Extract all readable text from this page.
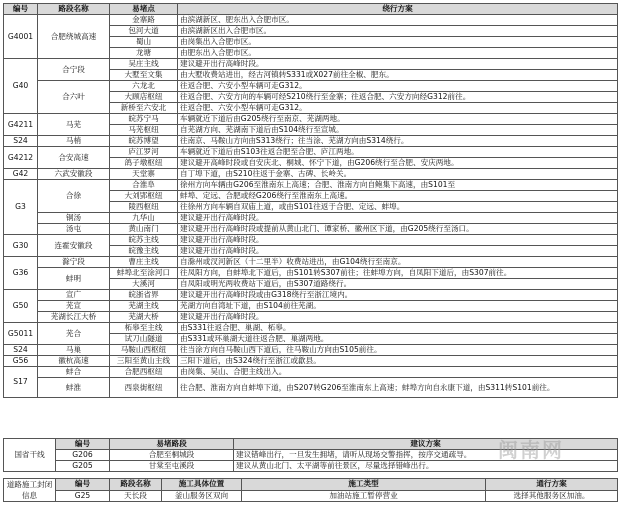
编号	路段名称	易堵点	绕行方案
G4001	合肥绕城高速	金寨路	由滨湖新区、肥东出入合肥市区。
		包河大道	由滨湖新区出入合肥市区。
		蜀山	由岗集出入合肥市区。
		龙塘	由肥东出入合肥市区。
G40	合宁段	吴庄主线	建议避开出行高峰时段。
		大墅至文集	由大墅收费站进出，经古河镇转S331或X027前往全椒、肥东。
	合六叶	六龙北	往返合肥、六安小型车辆可走G312。
		大顾店枢纽	往返合肥、六安方向的车辆可经S210绕行至金寨；往返合肥、六安方向经G312前往。
		新桥至六安北	往返合肥、六安小型车辆可走G312。
G4211	马芜	皖苏宁马	车辆就近下道后由G205绕行至南京、芜湖两地。
		马芜枢纽	自芜湖方向、芜湖南下道后由S104绕行至宣城。
S24	马梢	皖苏博望	往南京、马鞍山方向由S313绕行；往当涂、芜湖方向由S314绕行。
G4212	合安高速	庐江罗河	车辆就近下道后由S103往返合肥至合肥、庐江两地。
		鸽子墩枢纽	建议避开高峰时段或自安庆北、桐城、怀宁下道，由G206绕行至合肥、安庆两地。
G42	六武安徽段	天堂寨	自丁埠下道，由S210往返于金寨、古碑、长岭关。
G3	合徐	合淮阜	徐州方向车辆由G206至淮南东上高速；合肥、淮南方向自鲍集下高速，由S101至
		大刘郢枢纽	蚌埠、定远、合肥或经G206绕行至淮南东上高速。
		陵西枢纽	往徐州方向车辆自双庙上道，或由S101往返于合肥、定远、蚌埠。
	铜汤	九华山	建议避开出行高峰时段。
	汤屯	黄山南门	建议避开出行高峰时段或提前从黄山北门、谭家桥、徽州区下道，由G205绕行至汤口。
G30	连霍安徽段	皖苏主线	建议避开出行高峰时段。
		皖豫主线	建议避开出行高峰时段。
G36	滁宁段	曹庄主线	自滁州或汊河新区（十二里半）收费站进出，由G104绕行至南京。
	蚌明	蚌埠北至涂河口	往凤阳方向，自蚌埠北下道后，由S101转S307前往；往蚌埠方向，自凤阳下道后，由S307前往。
		大溪河	自凤阳或明光两收费站下道后，由S307道路绕行。
G50	宣广	皖浙省界	建议避开出行高峰时段或由G318绕行至浙江境内。
	芜宣	芜湖主线	芜湖方向自湾址下道，由S104前往芜湖。
	芜湖长江大桥	芜湖大桥	建议避开出行高峰时段。
G5011	芜合	柘皋至主线	由S331往返合肥、巢湖、柘皋。
		试刀山隧道	由S331或环巢湖大道往返合肥、巢湖两地。
S24	马巢	马鞍山西枢纽	往当涂方向自马鞍山西下道后，往马鞍山方向由S105前往。
G56	徽杭高速	三阳至黄山主线	三阳下道后，由S324绕行至浙江或歙县。
S17	蚌合	合肥西枢纽	由岗集、吴山、合肥主线出入。
	蚌淮	西泉街枢纽	往合肥、淮南方向自蚌埠下道，由S207转G206至淮南东上高速；蚌埠方向自永康下道，由S311转S101前往。
国省干线	编号	易堵路段	建议方案
	G206	合肥至桐城段	建议错峰出行，一旦发生拥堵，请听从现场交警指挥，按序交通疏导。
	G205	甘棠至屯溪段	建议从黄山北门、太平湖等前往景区，尽量选择错峰出行。
道路施工封闭信息	编号	路段名称	施工具体位置	施工类型	通行方案
	G25	天长段	釜山服务区双向	加油站施工暂停营业	选择其他服务区加油。
闽南网
